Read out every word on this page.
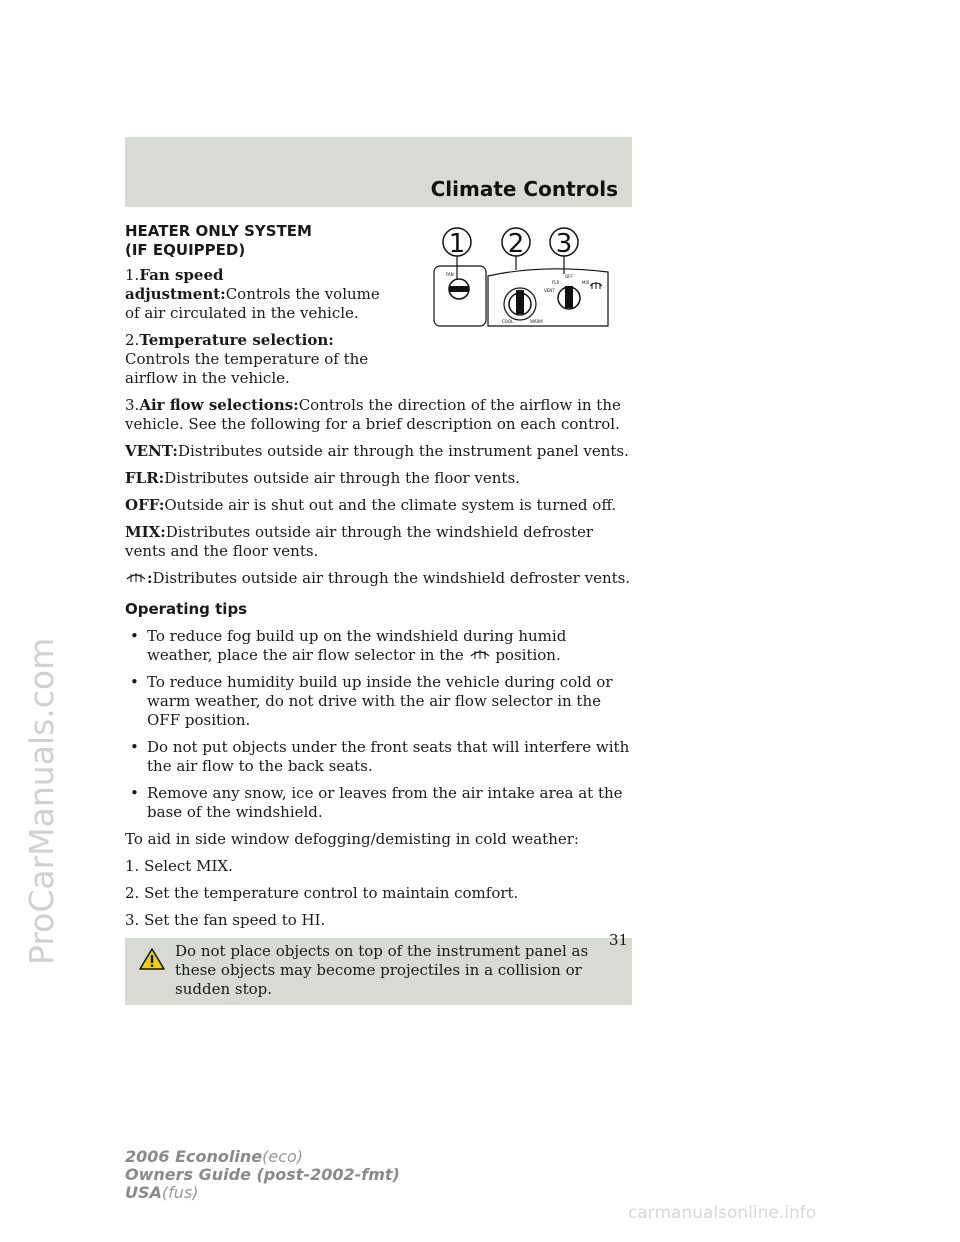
Climate Controls
ProCarManuals.com
1 2 3
FAN
COOL	WARM
FLR
OFF
MIX
VENT

HEATER ONLY SYSTEM
(IF EQUIPPED)

1.Fan speed adjustment:Controls the volume of air circulated in the vehicle.

2.Temperature selection:
Controls the temperature of the airflow in the vehicle.

3.Air flow selections:Controls the direction of the airflow in the vehicle. See the following for a brief description on each control.

VENT:Distributes outside air through the instrument panel vents.

FLR:Distributes outside air through the floor vents.

OFF:Outside air is shut out and the climate system is turned off.

MIX:Distributes outside air through the windshield defroster vents and the floor vents.

:Distributes outside air through the windshield defroster vents.

Operating tips

• To reduce fog build up on the windshield during humid weather, place the air flow selector in the position.
• To reduce humidity build up inside the vehicle during cold or warm weather, do not drive with the air flow selector in the OFF position.
• Do not put objects under the front seats that will interfere with the air flow to the back seats.
• Remove any snow, ice or leaves from the air intake area at the base of the windshield.

To aid in side window defogging/demisting in cold weather:

1. Select MIX.

2. Set the temperature control to maintain comfort.

3. Set the fan speed to HI.

Do not place objects on top of the instrument panel as these objects may become projectiles in a collision or sudden stop.
31
2006 Econoline(eco)
Owners Guide (post-2002-fmt)
USA(fus)
carmanualsonline.info
